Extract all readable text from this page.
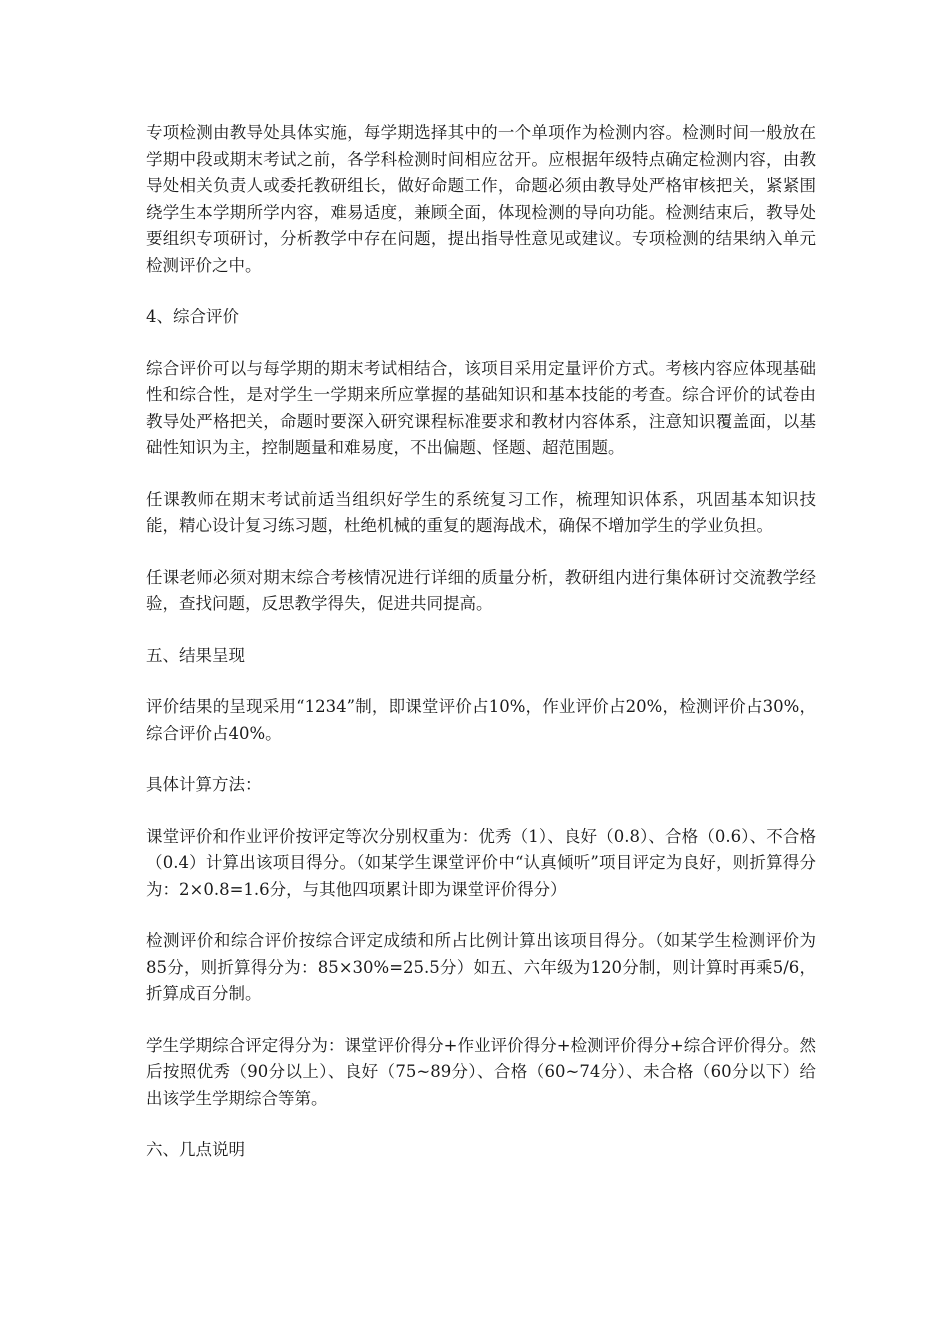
专项检测由教导处具体实施，每学期选择其中的一个单项作为检测内容。检测时间一般放在学期中段或期末考试之前，各学科检测时间相应岔开。应根据年级特点确定检测内容，由教导处相关负责人或委托教研组长，做好命题工作，命题必须由教导处严格审核把关，紧紧围绕学生本学期所学内容，难易适度，兼顾全面，体现检测的导向功能。检测结束后，教导处要组织专项研讨，分析教学中存在问题，提出指导性意见或建议。专项检测的结果纳入单元检测评价之中。

4、综合评价

综合评价可以与每学期的期末考试相结合，该项目采用定量评价方式。考核内容应体现基础性和综合性，是对学生一学期来所应掌握的基础知识和基本技能的考查。综合评价的试卷由教导处严格把关，命题时要深入研究课程标准要求和教材内容体系，注意知识覆盖面，以基础性知识为主，控制题量和难易度，不出偏题、怪题、超范围题。

任课教师在期末考试前适当组织好学生的系统复习工作，梳理知识体系，巩固基本知识技能，精心设计复习练习题，杜绝机械的重复的题海战术，确保不增加学生的学业负担。

任课老师必须对期末综合考核情况进行详细的质量分析，教研组内进行集体研讨交流教学经验，查找问题，反思教学得失，促进共同提高。

五、结果呈现

评价结果的呈现采用“1234”制，即课堂评价占10%，作业评价占20%，检测评价占30%，综合评价占40%。

具体计算方法：

课堂评价和作业评价按评定等次分别权重为：优秀（1）、良好（0.8）、合格（0.6）、不合格（0.4）计算出该项目得分。（如某学生课堂评价中“认真倾听”项目评定为良好，则折算得分为：2×0.8=1.6分，与其他四项累计即为课堂评价得分）

检测评价和综合评价按综合评定成绩和所占比例计算出该项目得分。（如某学生检测评价为85分，则折算得分为：85×30%=25.5分）如五、六年级为120分制，则计算时再乘5/6，折算成百分制。

学生学期综合评定得分为：课堂评价得分+作业评价得分+检测评价得分+综合评价得分。然后按照优秀（90分以上）、良好（75~89分）、合格（60~74分）、未合格（60分以下）给出该学生学期综合等第。

六、几点说明
